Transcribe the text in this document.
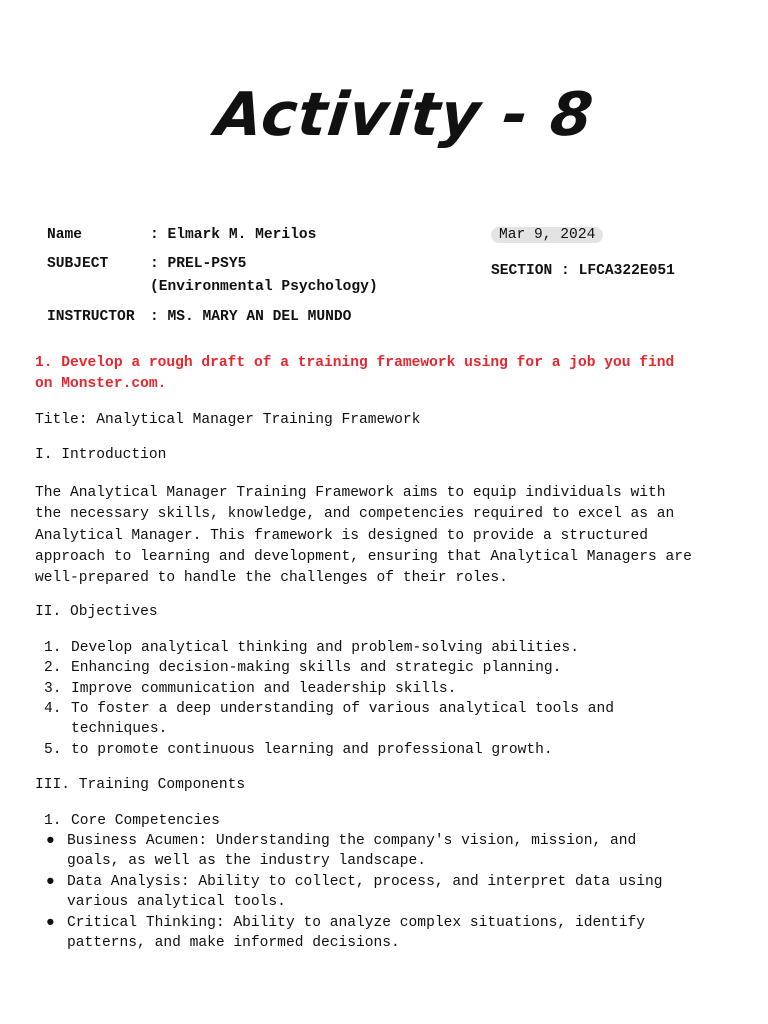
Activity - 8
Name	: Elmark M. Merilos
SUBJECT	: PREL-PSY5
(Environmental Psychology)
INSTRUCTOR : MS. MARY AN DEL MUNDO
Mar 9, 2024
SECTION : LFCA322E051
1. Develop a rough draft of a training framework using for a job you find
on Monster.com.
Title: Analytical Manager Training Framework
I. Introduction
The Analytical Manager Training Framework aims to equip individuals with
the necessary skills, knowledge, and competencies required to excel as an
Analytical Manager. This framework is designed to provide a structured
approach to learning and development, ensuring that Analytical Managers are
well-prepared to handle the challenges of their roles.
II. Objectives
1. Develop analytical thinking and problem-solving abilities.
2. Enhancing decision-making skills and strategic planning.
3. Improve communication and leadership skills.
4. To foster a deep understanding of various analytical tools and
techniques.
5. to promote continuous learning and professional growth.
III. Training Components
1. Core Competencies
● Business Acumen: Understanding the company's vision, mission, and
goals, as well as the industry landscape.
● Data Analysis: Ability to collect, process, and interpret data using
various analytical tools.
● Critical Thinking: Ability to analyze complex situations, identify
patterns, and make informed decisions.
